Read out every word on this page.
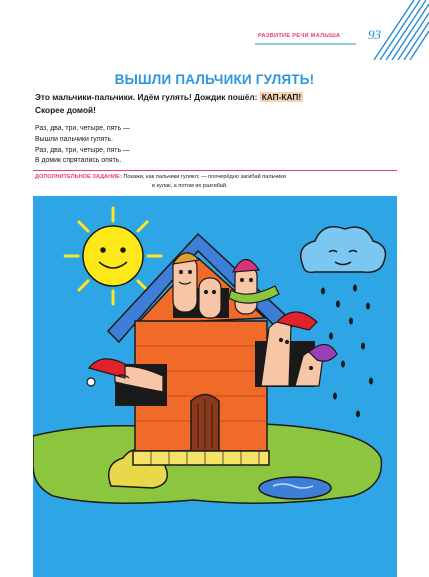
РАЗВИТИЕ РЕЧИ МАЛЫША 93
ВЫШЛИ ПАЛЬЧИКИ ГУЛЯТЬ!
Это мальчики-пальчики. Идём гулять! Дождик пошёл: КАП-КАП!
Скорее домой!
Раз, два, три, четыре, пять —
Вышли пальчики гулять.
Раз, два, три, четыре, пять —
В домик спрятались опять.
ДОПОЛНИТЕЛЬНОЕ ЗАДАНИЕ: Покажи, как пальчики гуляют, — поочерёдно загибай пальчики
в кулак, а потом их разгибай.
